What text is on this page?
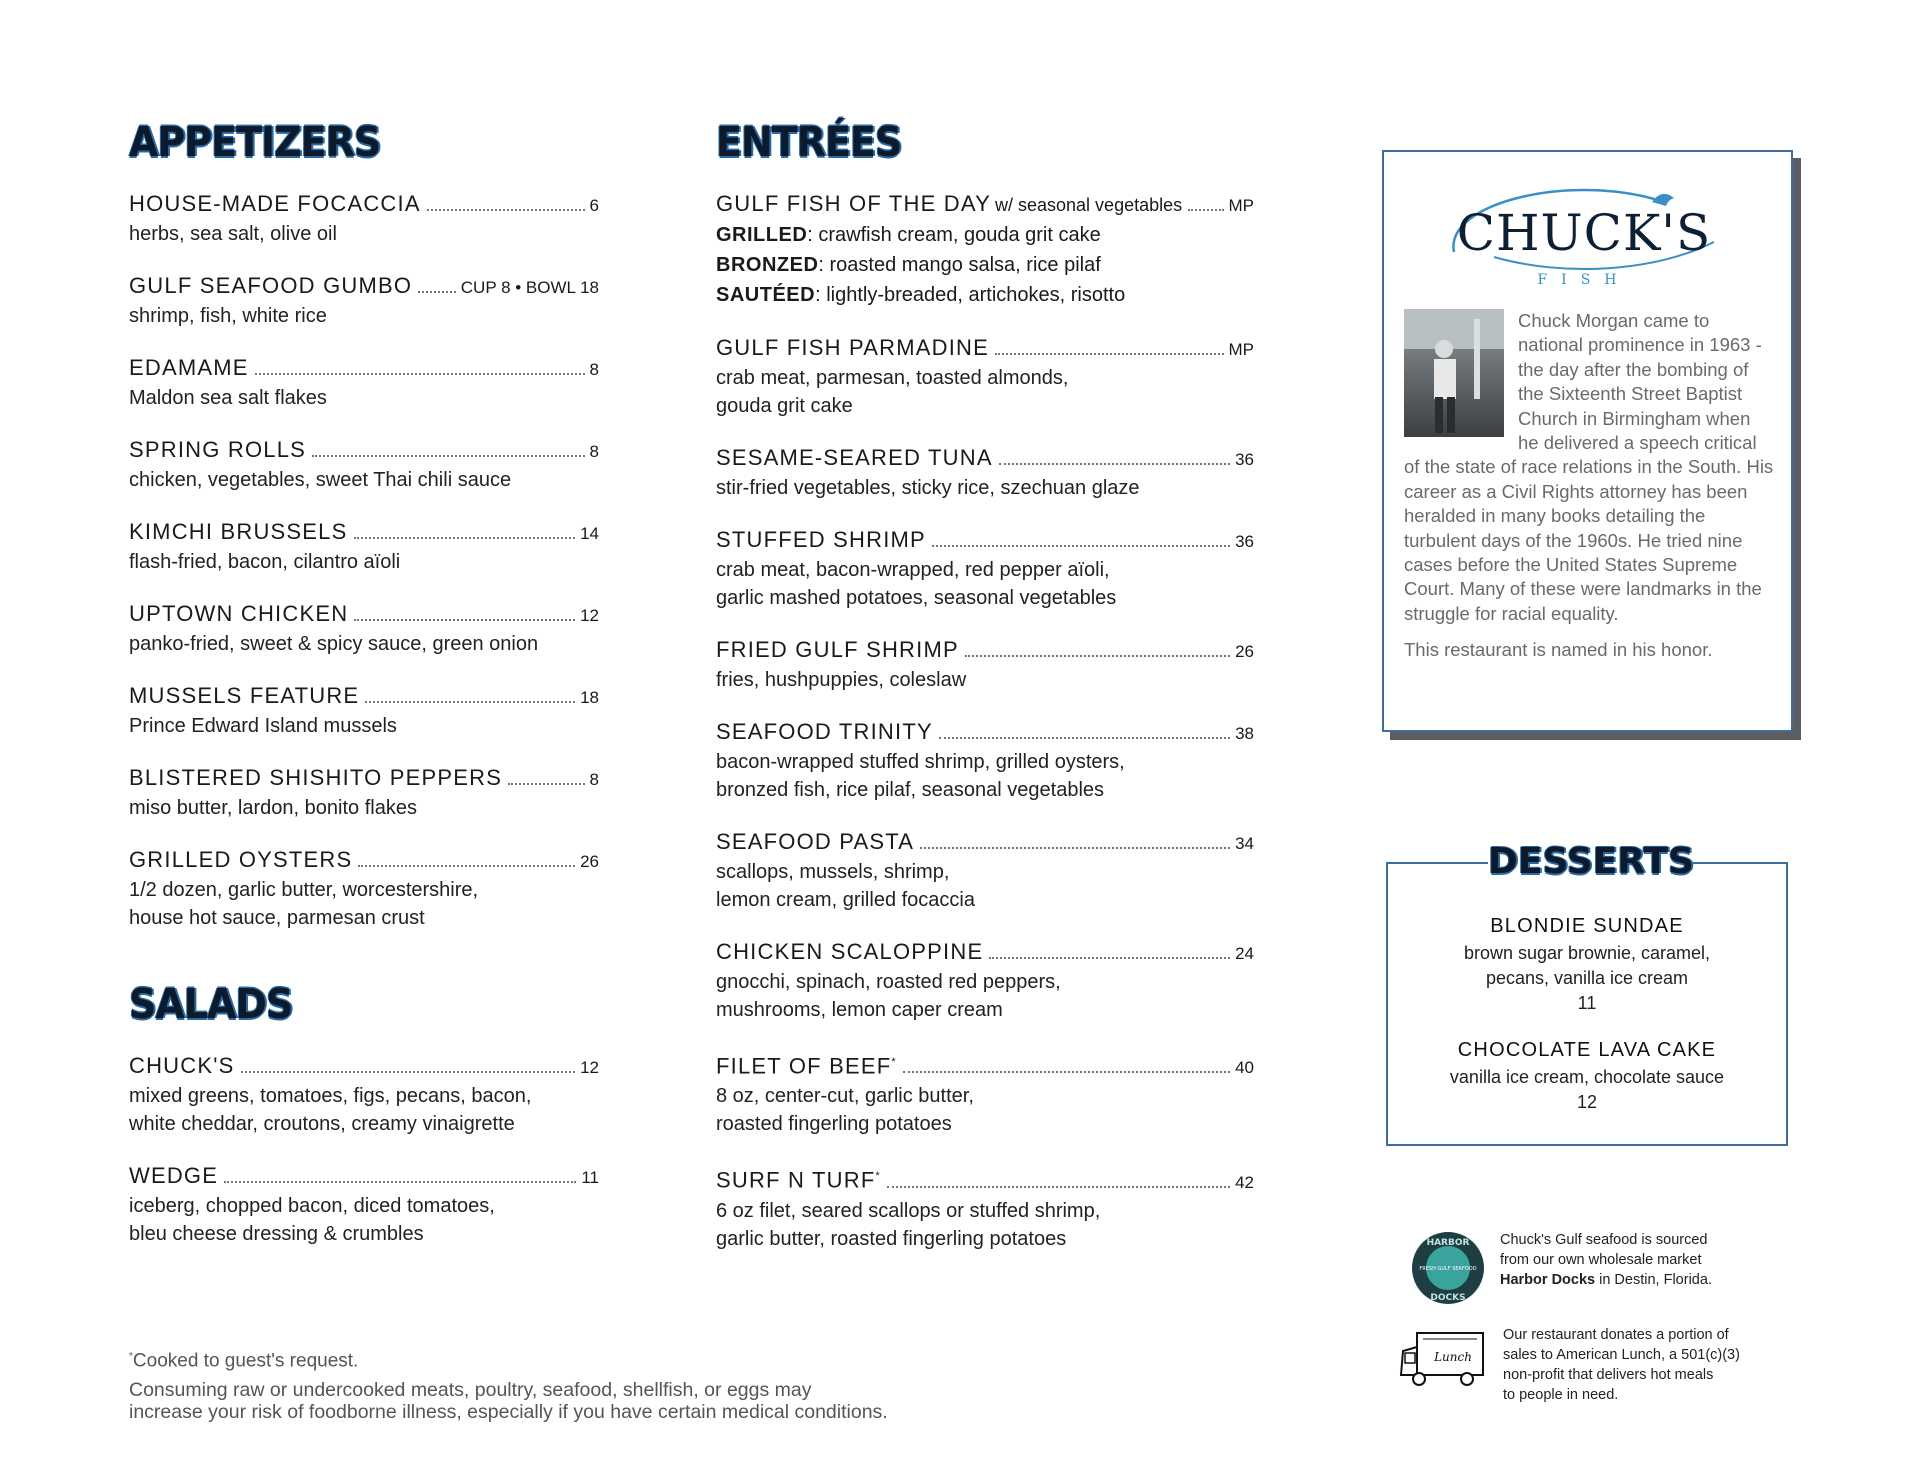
APPETIZERS
HOUSE-MADE FOCACCIA	6
herbs, sea salt, olive oil
GULF SEAFOOD GUMBO	CUP 8 • BOWL 18
shrimp, fish, white rice
EDAMAME	8
Maldon sea salt flakes
SPRING ROLLS	8
chicken, vegetables, sweet Thai chili sauce
KIMCHI BRUSSELS	14
flash-fried, bacon, cilantro aïoli
UPTOWN CHICKEN	12
panko-fried, sweet & spicy sauce, green onion
MUSSELS FEATURE	18
Prince Edward Island mussels
BLISTERED SHISHITO PEPPERS	8
miso butter, lardon, bonito flakes
GRILLED OYSTERS	26
1/2 dozen, garlic butter, worcestershire,
house hot sauce, parmesan crust
SALADS
CHUCK'S	12
mixed greens, tomatoes, figs, pecans, bacon,
white cheddar, croutons, creamy vinaigrette
WEDGE	11
iceberg, chopped bacon, diced tomatoes,
bleu cheese dressing & crumbles
ENTRÉES
GULF FISH OF THE DAY w/ seasonal vegetables	MP
GRILLED: crawfish cream, gouda grit cake
BRONZED: roasted mango salsa, rice pilaf
SAUTÉED: lightly-breaded, artichokes, risotto
GULF FISH PARMADINE	MP
crab meat, parmesan, toasted almonds,
gouda grit cake
SESAME-SEARED TUNA	36
stir-fried vegetables, sticky rice, szechuan glaze
STUFFED SHRIMP	36
crab meat, bacon-wrapped, red pepper aïoli,
garlic mashed potatoes, seasonal vegetables
FRIED GULF SHRIMP	26
fries, hushpuppies, coleslaw
SEAFOOD TRINITY	38
bacon-wrapped stuffed shrimp, grilled oysters,
bronzed fish, rice pilaf, seasonal vegetables
SEAFOOD PASTA	34
scallops, mussels, shrimp,
lemon cream, grilled focaccia
CHICKEN SCALOPPINE	24
gnocchi, spinach, roasted red peppers,
mushrooms, lemon caper cream
FILET OF BEEF*	40
8 oz, center-cut, garlic butter,
roasted fingerling potatoes
SURF N TURF*	42
6 oz filet, seared scallops or stuffed shrimp,
garlic butter, roasted fingerling potatoes
CHUCK'S
FISH
Chuck Morgan came to national prominence in 1963 - the day after the bombing of the Sixteenth Street Baptist Church in Birmingham when he delivered a speech critical of the state of race relations in the South. His career as a Civil Rights attorney has been heralded in many books detailing the turbulent days of the 1960s. He tried nine cases before the United States Supreme Court. Many of these were landmarks in the struggle for racial equality.
This restaurant is named in his honor.
DESSERTS
BLONDIE SUNDAE
brown sugar brownie, caramel,
pecans, vanilla ice cream
11
CHOCOLATE LAVA CAKE
vanilla ice cream, chocolate sauce
12
HARBOR
FRESH GULF SEAFOOD
DOCKS
Chuck's Gulf seafood is sourced
from our own wholesale market
Harbor Docks in Destin, Florida.
Lunch
Our restaurant donates a portion of
sales to American Lunch, a 501(c)(3)
non-profit that delivers hot meals
to people in need.
*Cooked to guest's request.
Consuming raw or undercooked meats, poultry, seafood, shellfish, or eggs may
increase your risk of foodborne illness, especially if you have certain medical conditions.
